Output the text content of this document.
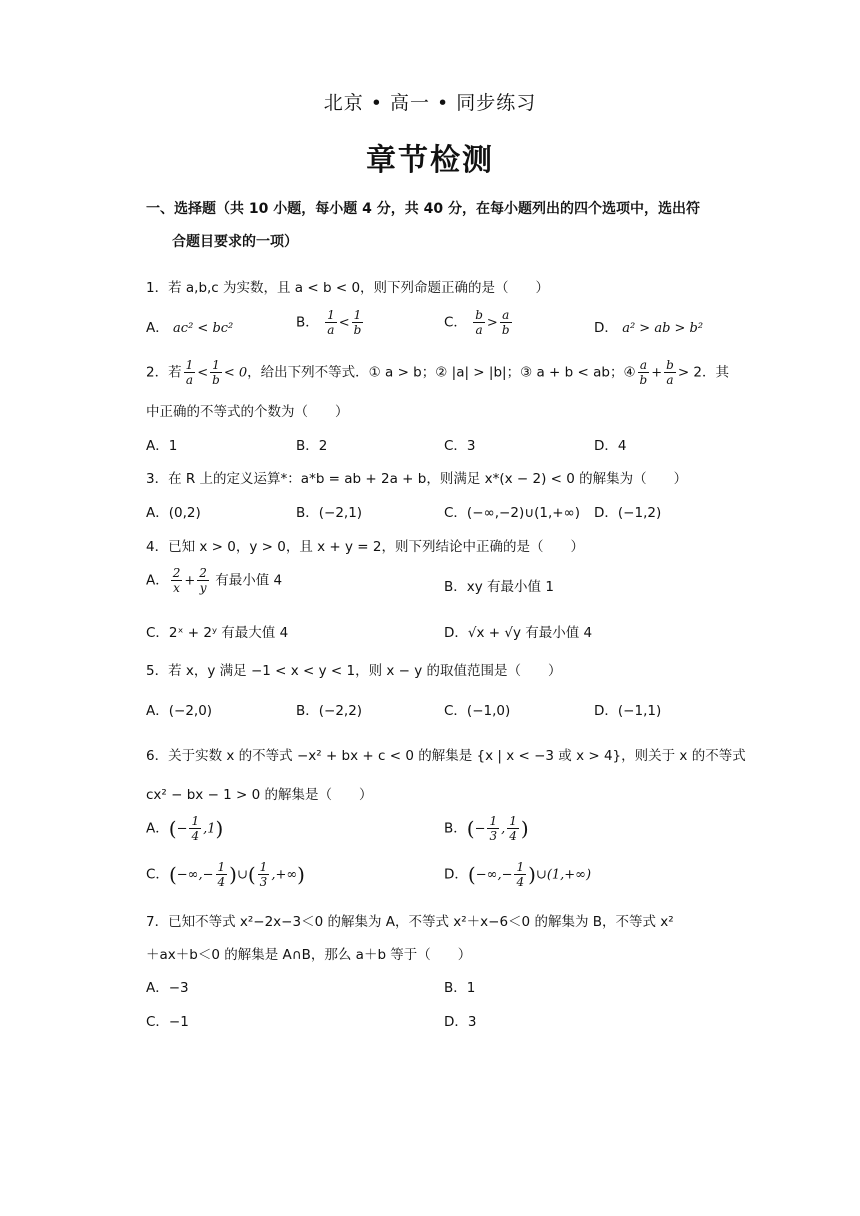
北京 • 高一 • 同步练习
章节检测
一、选择题（共 10 小题，每小题 4 分，共 40 分，在每小题列出的四个选项中，选出符
合题目要求的一项）
1．若 a,b,c 为实数，且 a < b < 0，则下列命题正确的是（　　）
A． ac² < bc²	B． $\frac{1}{a} < \frac{1}{b}$	C． $\frac{b}{a} > \frac{a}{b}$	D． a² > ab > b²
2．若 $\frac{1}{a} < \frac{1}{b} < 0$，给出下列不等式．① a > b；② |a| > |b|；③ a + b < ab；④ $\frac{a}{b} + \frac{b}{a} > 2$．其
中正确的不等式的个数为（　　）
A．1	B．2	C．3	D．4
3．在 R 上的定义运算*：a*b = ab + 2a + b，则满足 x*(x − 2) < 0 的解集为（　　）
A．(0,2)	B．(−2,1)	C．(−∞,−2)∪(1,+∞) D．(−1,2)
4．已知 x > 0，y > 0，且 x + y = 2，则下列结论中正确的是（　　）
A． $\frac{2}{x} + \frac{2}{y}$ 有最小值 4	B．xy 有最小值 1
C．2ˣ + 2ʸ 有最大值 4	D．√x + √y 有最小值 4
5．若 x，y 满足 −1 < x < y < 1，则 x − y 的取值范围是（　　）
A．(−2,0)	B．(−2,2)	C．(−1,0)	D．(−1,1)
6．关于实数 x 的不等式 −x² + bx + c < 0 的解集是 {x | x < −3 或 x > 4}，则关于 x 的不等式
cx² − bx − 1 > 0 的解集是（　　）
A．(− $\frac{1}{4} ,1$)	B．(− $\frac{1}{3}$ , $\frac{1}{4}$ )
C．(−∞,− $\frac{1}{4}$ )∪( $\frac{1}{3}$ ,+∞)	D．(−∞,− $\frac{1}{4}$ )∪(1,+∞)
7．已知不等式 x²−2x−3＜0 的解集为 A，不等式 x²＋x−6＜0 的解集为 B，不等式 x²
＋ax＋b＜0 的解集是 A∩B，那么 a＋b 等于（　　）
A．−3	B．1
C．−1	D．3
